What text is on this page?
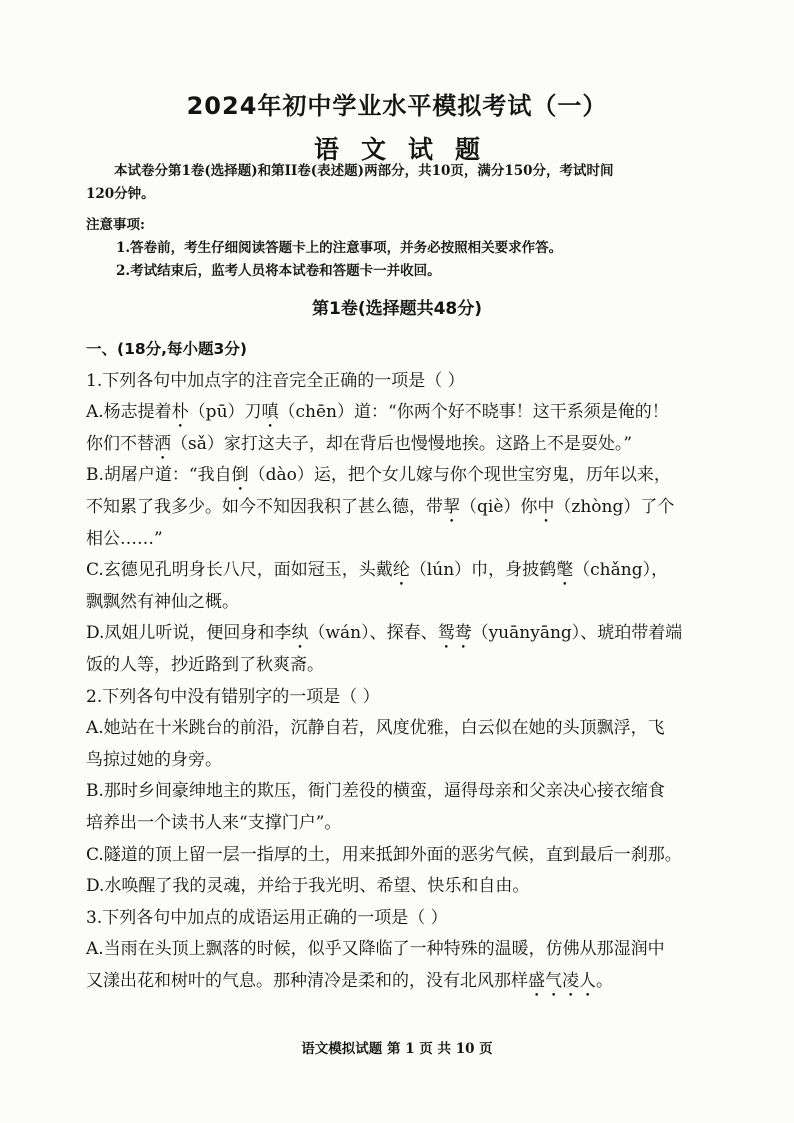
2024年初中学业水平模拟考试（一）
语文试题
本试卷分第1卷(选择题)和第II卷(表述题)两部分，共10页，满分150分，考试时间
120分钟。
注意事项:
1.答卷前，考生仔细阅读答题卡上的注意事项，并务必按照相关要求作答。
2.考试结束后，监考人员将本试卷和答题卡一并收回。
第1卷(选择题共48分)
一、(18分,每小题3分)
1.下列各句中加点字的注音完全正确的一项是（ ）
A.杨志提着朴（pū）刀嗔（chēn）道：“你两个好不晓事！这干系须是俺的！
你们不替洒（sǎ）家打这夫子，却在背后也慢慢地挨。这路上不是耍处。”
B.胡屠户道：“我自倒（dào）运，把个女儿嫁与你个现世宝穷鬼，历年以来，
不知累了我多少。如今不知因我积了甚么德，带挈（qiè）你中（zhòng）了个
相公……”
C.玄德见孔明身长八尺，面如冠玉，头戴纶（lún）巾，身披鹤氅（chǎng），
飘飘然有神仙之概。
D.凤姐儿听说，便回身和李纨（wán）、探春、鸳鸯（yuānyāng）、琥珀带着端
饭的人等，抄近路到了秋爽斋。
2.下列各句中没有错别字的一项是（ ）
A.她站在十米跳台的前沿，沉静自若，风度优雅，白云似在她的头顶飘浮，飞
鸟掠过她的身旁。
B.那时乡间豪绅地主的欺压，衙门差役的横蛮，逼得母亲和父亲决心接衣缩食
培养出一个读书人来“支撑门户”。
C.隧道的顶上留一层一指厚的土，用来抵卸外面的恶劣气候，直到最后一刹那。
D.水唤醒了我的灵魂，并给于我光明、希望、快乐和自由。
3.下列各句中加点的成语运用正确的一项是（ ）
A.当雨在头顶上飘落的时候，似乎又降临了一种特殊的温暖，仿佛从那湿润中
又漾出花和树叶的气息。那种清冷是柔和的，没有北风那样盛气凌人。
语文模拟试题 第 1 页 共 10 页
